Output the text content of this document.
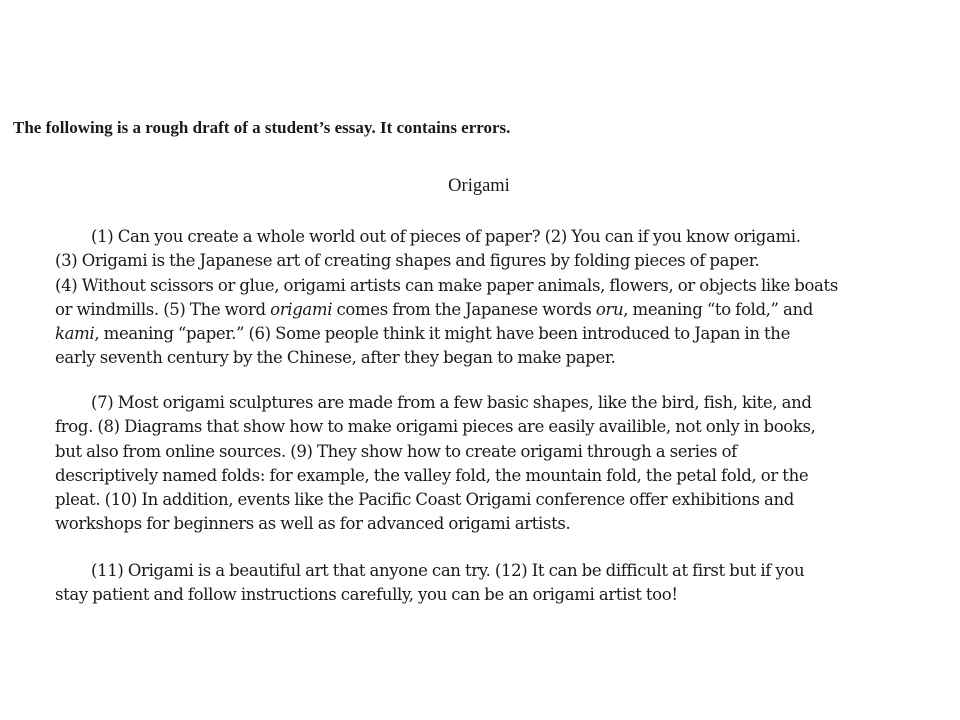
The following is a rough draft of a student’s essay. It contains errors.
Origami
(1) Can you create a whole world out of pieces of paper? (2) You can if you know origami.
(3) Origami is the Japanese art of creating shapes and figures by folding pieces of paper.
(4) Without scissors or glue, origami artists can make paper animals, flowers, or objects like boats
or windmills. (5) The word origami comes from the Japanese words oru, meaning “to fold,” and
kami, meaning “paper.” (6) Some people think it might have been introduced to Japan in the
early seventh century by the Chinese, after they began to make paper.
(7) Most origami sculptures are made from a few basic shapes, like the bird, fish, kite, and
frog. (8) Diagrams that show how to make origami pieces are easily availible, not only in books,
but also from online sources. (9) They show how to create origami through a series of
descriptively named folds: for example, the valley fold, the mountain fold, the petal fold, or the
pleat. (10) In addition, events like the Pacific Coast Origami conference offer exhibitions and
workshops for beginners as well as for advanced origami artists.
(11) Origami is a beautiful art that anyone can try. (12) It can be difficult at first but if you
stay patient and follow instructions carefully, you can be an origami artist too!
